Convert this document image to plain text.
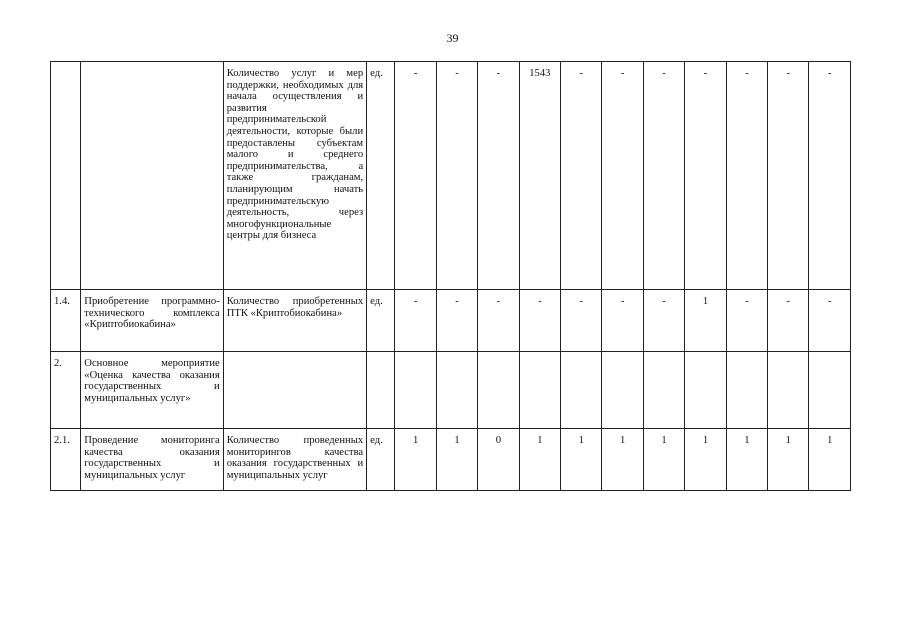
39
		Количество услуг и мер поддержки, необходимых для начала осуществления и развития предпринимательской деятельности, которые были предоставлены субъектам малого и среднего предпринимательства, а также гражданам, планирующим начать предпринимательскую деятельность, через многофункциональные центры для бизнеса	ед.	-	-	-	1543	-	-	-	-	-	-	-
1.4.	Приобретение программно-технического комплекса «Криптобиокабина»	Количество приобретенных ПТК «Криптобиокабина»	ед.	-	-	-	-	-	-	-	1	-	-	-
2.	Основное мероприятие «Оценка качества оказания государственных и муниципальных услуг»													
2.1.	Проведение мониторинга качества оказания государственных и муниципальных услуг	Количество проведенных мониторингов качества оказания государственных и муниципальных услуг	ед.	1	1	0	1	1	1	1	1	1	1	1
